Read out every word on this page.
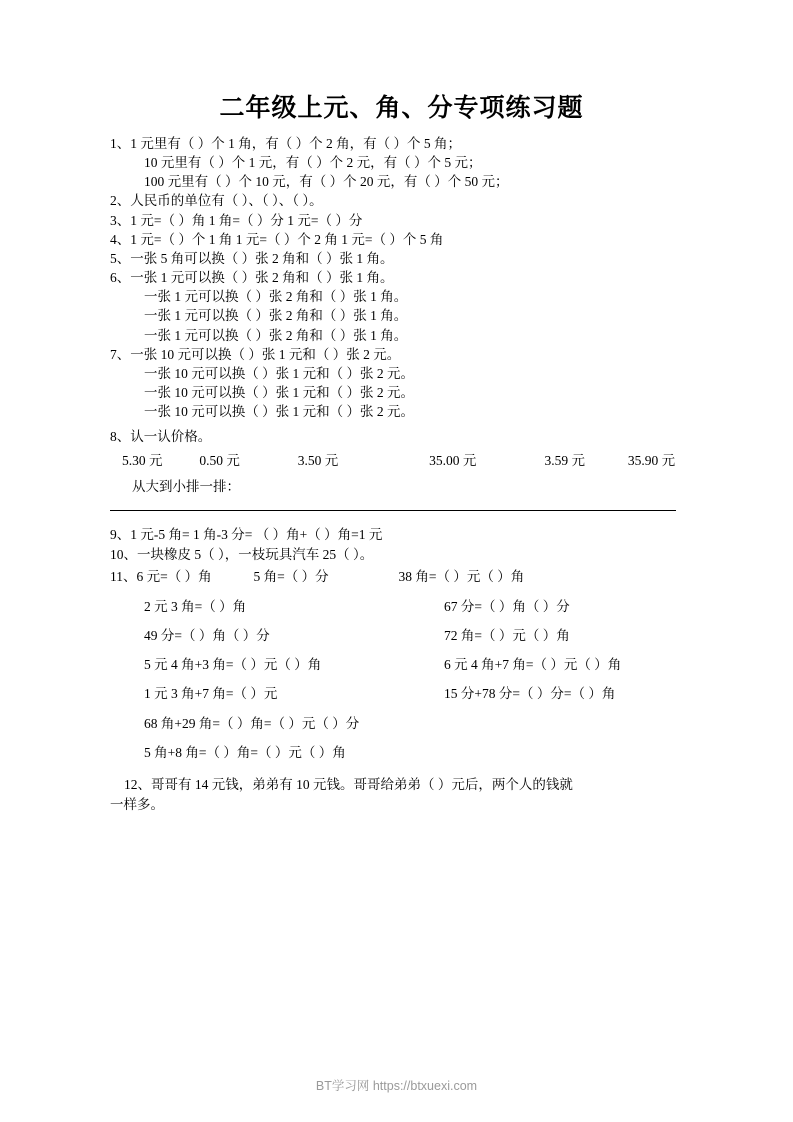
二年级上元、角、分专项练习题
1、1 元里有（ ）个 1 角，有（ ）个 2 角，有（ ）个 5 角；
10 元里有（ ）个 1 元，有（ ）个 2 元，有（ ）个 5 元；
100 元里有（ ）个 10 元，有（ ）个 20 元，有（ ）个 50 元；
2、人民币的单位有（ ）、（ ）、（ ）。
3、1 元=（ ）角 1 角=（ ）分 1 元=（ ）分
4、1 元=（ ）个 1 角 1 元=（ ）个 2 角 1 元=（ ）个 5 角
5、一张 5 角可以换（ ）张 2 角和（ ）张 1 角。
6、一张 1 元可以换（ ）张 2 角和（ ）张 1 角。
一张 1 元可以换（ ）张 2 角和（ ）张 1 角。
一张 1 元可以换（ ）张 2 角和（ ）张 1 角。
一张 1 元可以换（ ）张 2 角和（ ）张 1 角。
7、一张 10 元可以换（ ）张 1 元和（ ）张 2 元。
一张 10 元可以换（ ）张 1 元和（ ）张 2 元。
一张 10 元可以换（ ）张 1 元和（ ）张 2 元。
一张 10 元可以换（ ）张 1 元和（ ）张 2 元。
8、认一认价格。
5.30 元	0.50 元	3.50 元	35.00 元	3.59 元	35.90 元
从大到小排一排：
9、1 元-5 角= 1 角-3 分= （ ）角+（ ）角=1 元
10、一块橡皮 5（ ），一枝玩具汽车 25（ ）。
11、6 元=（ ）角	5 角=（ ）分	38 角=（ ）元（ ）角
2 元 3 角=（ ）角	67 分=（ ）角（ ）分
49 分=（ ）角（ ）分	72 角=（ ）元（ ）角
5 元 4 角+3 角=（ ）元（ ）角	6 元 4 角+7 角=（ ）元（ ）角
1 元 3 角+7 角=（ ）元	15 分+78 分=（ ）分=（ ）角
68 角+29 角=（ ）角=（ ）元（ ）分
5 角+8 角=（ ）角=（ ）元（ ）角
12、哥哥有 14 元钱，弟弟有 10 元钱。哥哥给弟弟（ ）元后，两个人的钱就
一样多。
BT学习网 https://btxuexi.com
